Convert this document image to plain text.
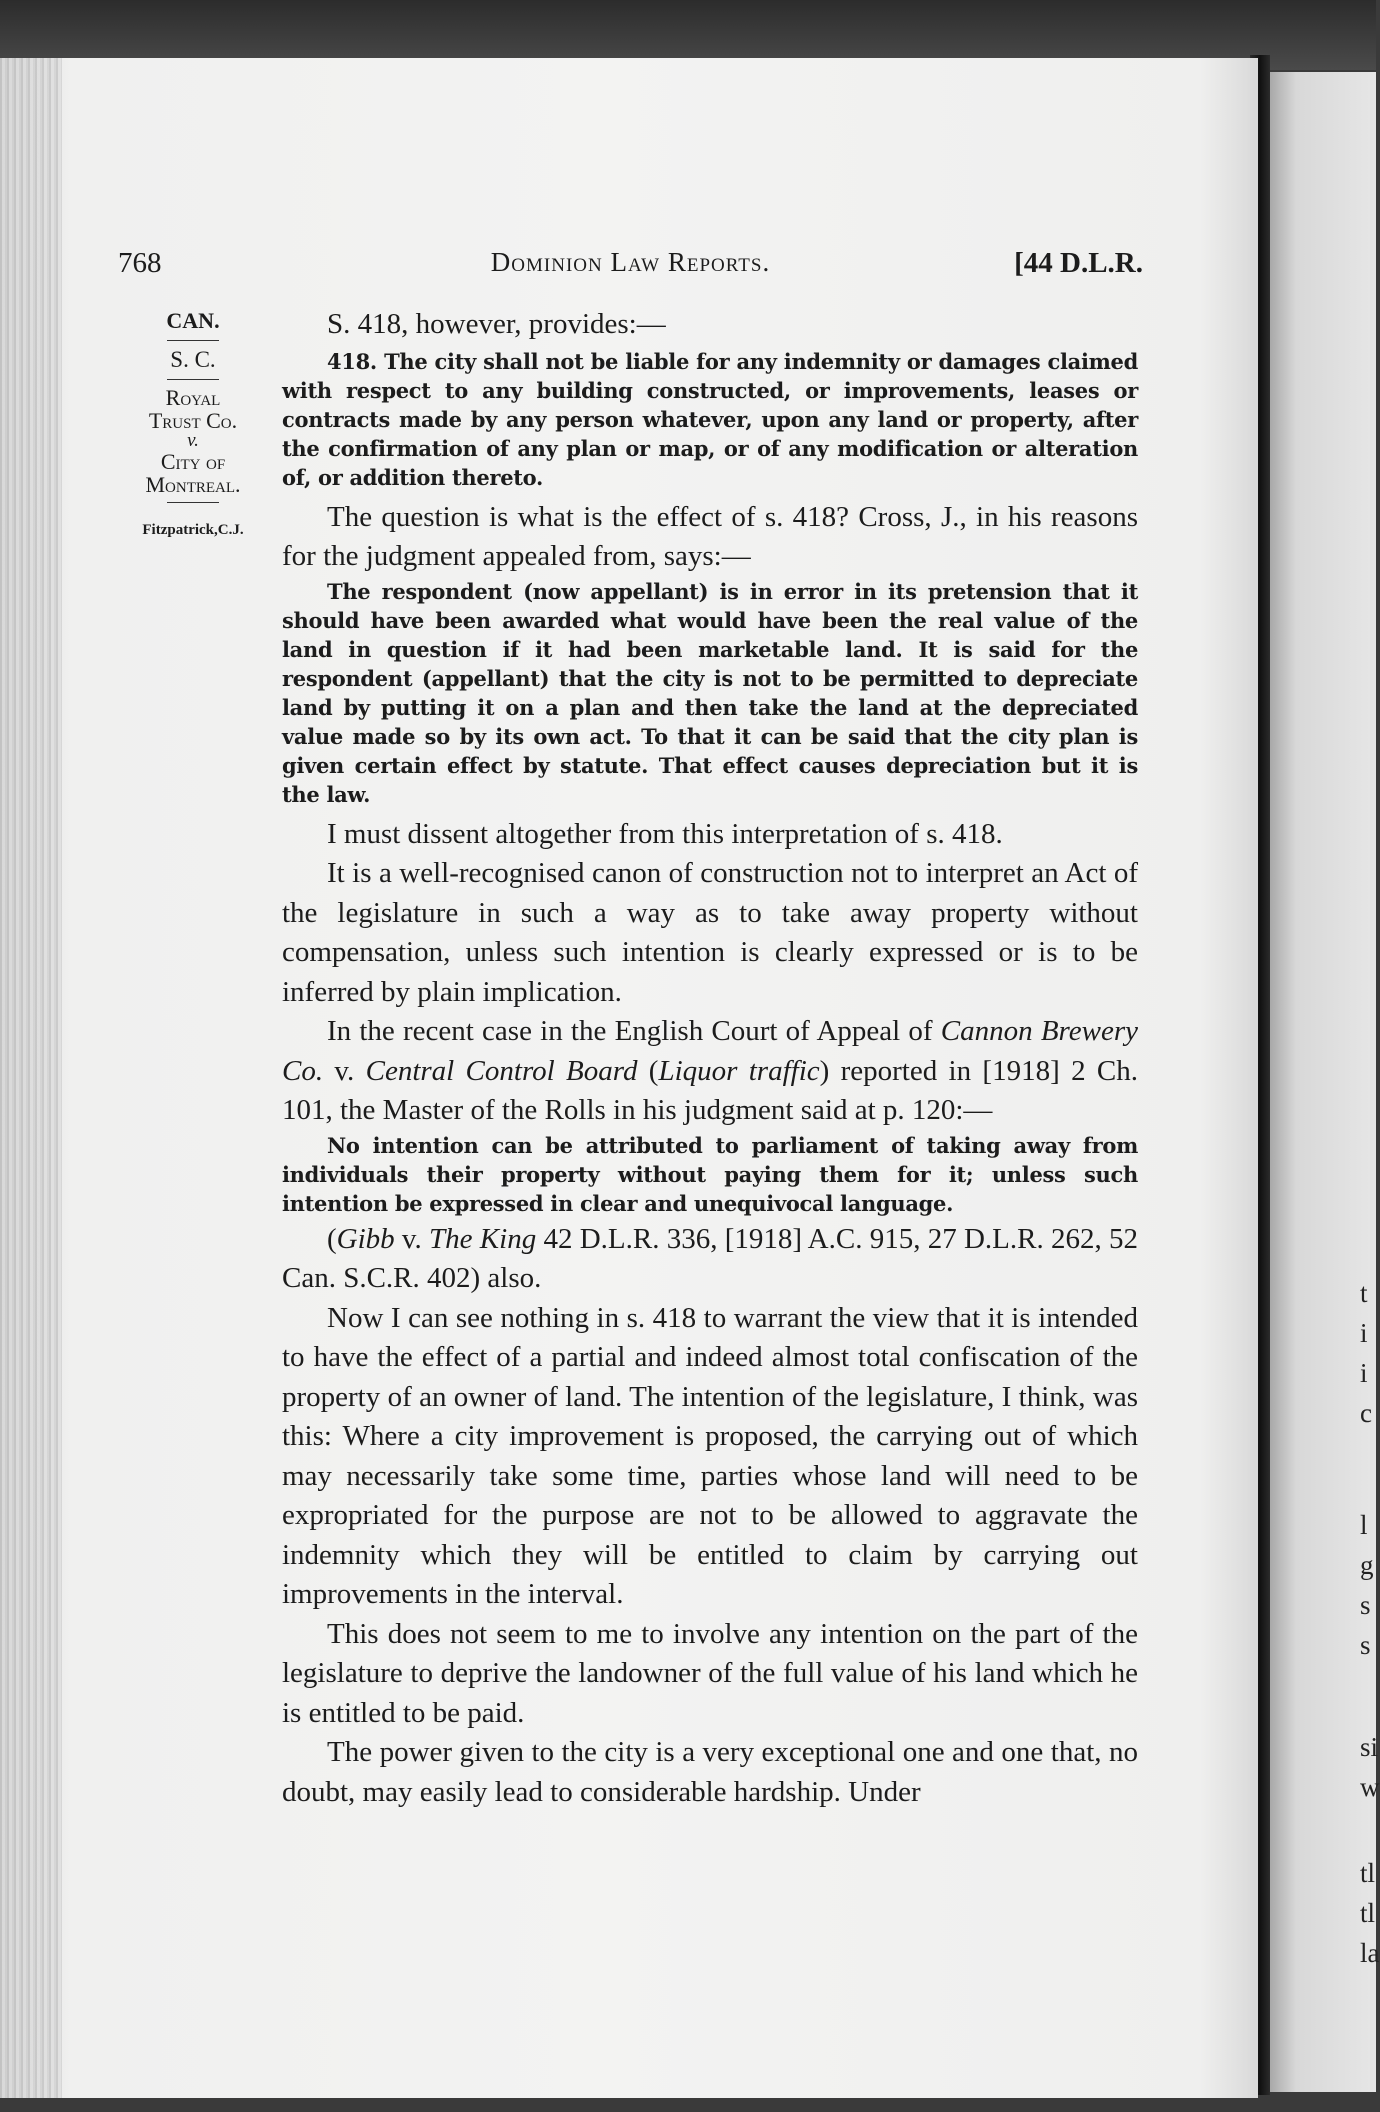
t
i
i
c
l
g
s
s
si
w
tl
tl
la
768	Dominion Law Reports.	[44 D.L.R.
CAN.
S. C.
Royal
Trust Co.
v.
City of
Montreal.
Fitzpatrick,C.J.

S. 418, however, provides:—

418. The city shall not be liable for any indemnity or damages claimed with respect to any building constructed, or improvements, leases or contracts made by any person whatever, upon any land or property, after the confirmation of any plan or map, or of any modification or alteration of, or addition thereto.

The question is what is the effect of s. 418? Cross, J., in his reasons for the judgment appealed from, says:—

The respondent (now appellant) is in error in its pretension that it should have been awarded what would have been the real value of the land in question if it had been marketable land. It is said for the respondent (appellant) that the city is not to be permitted to depreciate land by putting it on a plan and then take the land at the depreciated value made so by its own act. To that it can be said that the city plan is given certain effect by statute. That effect causes depreciation but it is the law.

I must dissent altogether from this interpretation of s. 418.

It is a well-recognised canon of construction not to interpret an Act of the legislature in such a way as to take away property without compensation, unless such intention is clearly expressed or is to be inferred by plain implication.

In the recent case in the English Court of Appeal of Cannon Brewery Co. v. Central Control Board (Liquor traffic) reported in [1918] 2 Ch. 101, the Master of the Rolls in his judgment said at p. 120:—

No intention can be attributed to parliament of taking away from individuals their property without paying them for it; unless such intention be expressed in clear and unequivocal language.

(Gibb v. The King 42 D.L.R. 336, [1918] A.C. 915, 27 D.L.R. 262, 52 Can. S.C.R. 402) also.

Now I can see nothing in s. 418 to warrant the view that it is intended to have the effect of a partial and indeed almost total confiscation of the property of an owner of land. The intention of the legislature, I think, was this: Where a city improvement is proposed, the carrying out of which may necessarily take some time, parties whose land will need to be expropriated for the purpose are not to be allowed to aggravate the indemnity which they will be entitled to claim by carrying out improvements in the interval.

This does not seem to me to involve any intention on the part of the legislature to deprive the landowner of the full value of his land which he is entitled to be paid.

The power given to the city is a very exceptional one and one that, no doubt, may easily lead to considerable hardship. Under
